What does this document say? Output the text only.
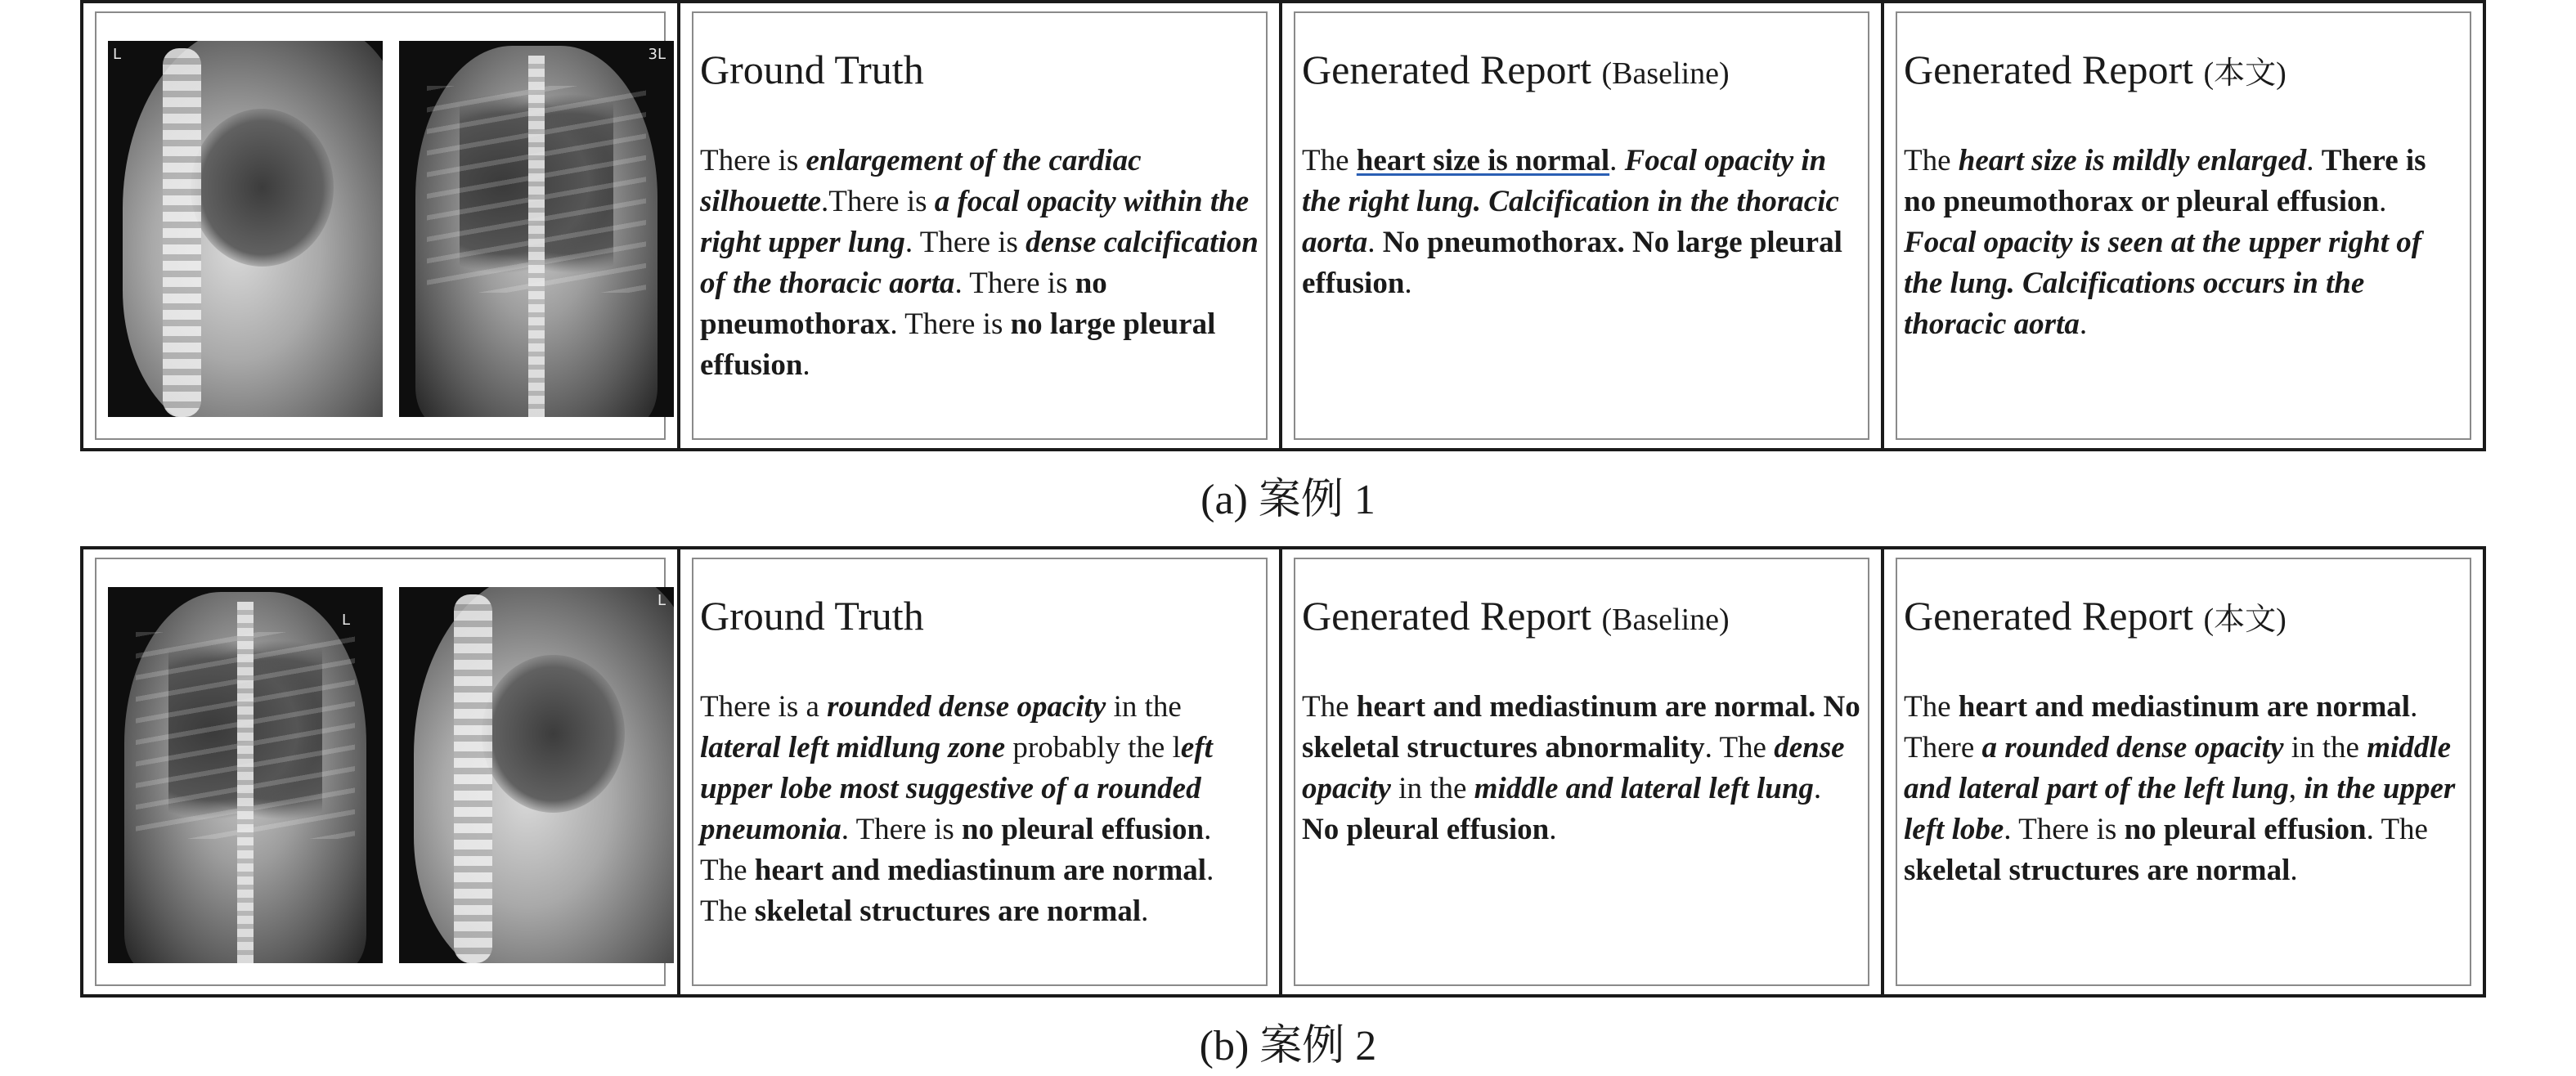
L	3L Ground Truth
There is enlargement of the cardiac silhouette.There is a focal opacity within the right upper lung. There is dense calcification of the thoracic aorta. There is no pneumothorax. There is no large pleural effusion.
Generated Report (Baseline)
The heart size is normal. Focal opacity in the right lung. Calcification in the thoracic aorta. No pneumothorax. No large pleural effusion.
Generated Report (本文)
The heart size is mildly enlarged. There is no pneumothorax or pleural effusion. Focal opacity is seen at the upper right of the lung. Calcifications occurs in the thoracic aorta.
(a) 案例 1
L
L Ground Truth
There is a rounded dense opacity in the lateral left midlung zone probably the left upper lobe most suggestive of a rounded pneumonia. There is no pleural effusion. The heart and mediastinum are normal.
The skeletal structures are normal.
Generated Report (Baseline)
The heart and mediastinum are normal. No skeletal structures abnormality. The dense opacity in the middle and lateral left lung.
No pleural effusion.
Generated Report (本文)
The heart and mediastinum are normal. There a rounded dense opacity in the middle and lateral part of the left lung, in the upper left lobe. There is no pleural effusion. The skeletal structures are normal.
(b) 案例 2
